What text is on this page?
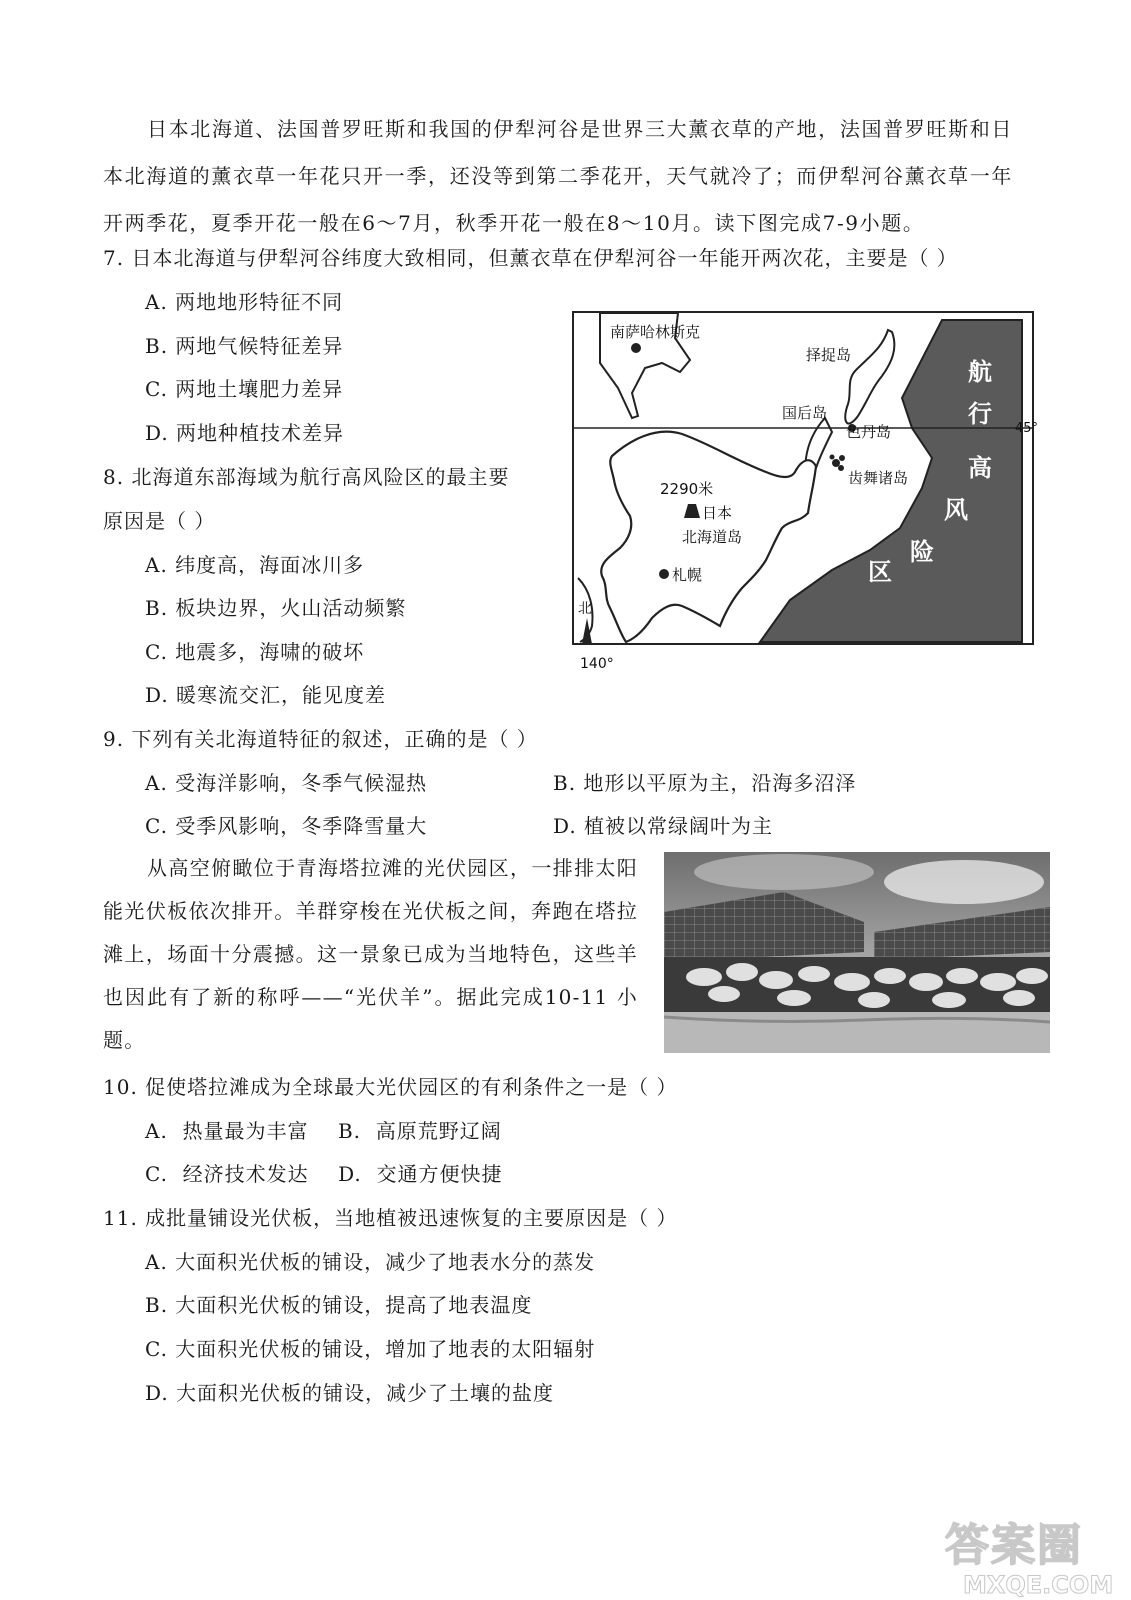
日本北海道、法国普罗旺斯和我国的伊犁河谷是世界三大薰衣草的产地，法国普罗旺斯和日本北海道的薰衣草一年花只开一季，还没等到第二季花开，天气就冷了；而伊犁河谷薰衣草一年开两季花，夏季开花一般在6～7月，秋季开花一般在8～10月。读下图完成7-9小题。
7. 日本北海道与伊犁河谷纬度大致相同，但薰衣草在伊犁河谷一年能开两次花，主要是（ ）
A. 两地地形特征不同
B. 两地气候特征差异
C. 两地土壤肥力差异
D. 两地种植技术差异
8. 北海道东部海域为航行高风险区的最主要
原因是（ ）
A. 纬度高，海面冰川多
B. 板块边界，火山活动频繁
C. 地震多，海啸的破坏
D. 暖寒流交汇，能见度差
南萨哈林斯克
择捉岛
国后岛
色丹岛
齿舞诸岛
2290米
日本
北海道岛
札幌
北
45°
140°
航
行
高
风
险
区
9. 下列有关北海道特征的叙述，正确的是（ ）
A. 受海洋影响，冬季气候湿热	B. 地形以平原为主，沿海多沼泽
C. 受季风影响，冬季降雪量大	D. 植被以常绿阔叶为主
从高空俯瞰位于青海塔拉滩的光伏园区，一排排太阳能光伏板依次排开。羊群穿梭在光伏板之间，奔跑在塔拉滩上，场面十分震撼。这一景象已成为当地特色，这些羊也因此有了新的称呼——“光伏羊”。据此完成10-11 小题。
10. 促使塔拉滩成为全球最大光伏园区的有利条件之一是（ ）
A.  热量最为丰富    B.  高原荒野辽阔
C.  经济技术发达    D.  交通方便快捷
11. 成批量铺设光伏板，当地植被迅速恢复的主要原因是（ ）
A. 大面积光伏板的铺设，减少了地表水分的蒸发
B. 大面积光伏板的铺设，提高了地表温度
C. 大面积光伏板的铺设，增加了地表的太阳辐射
D. 大面积光伏板的铺设，减少了土壤的盐度
答案圈
MXQE.COM
